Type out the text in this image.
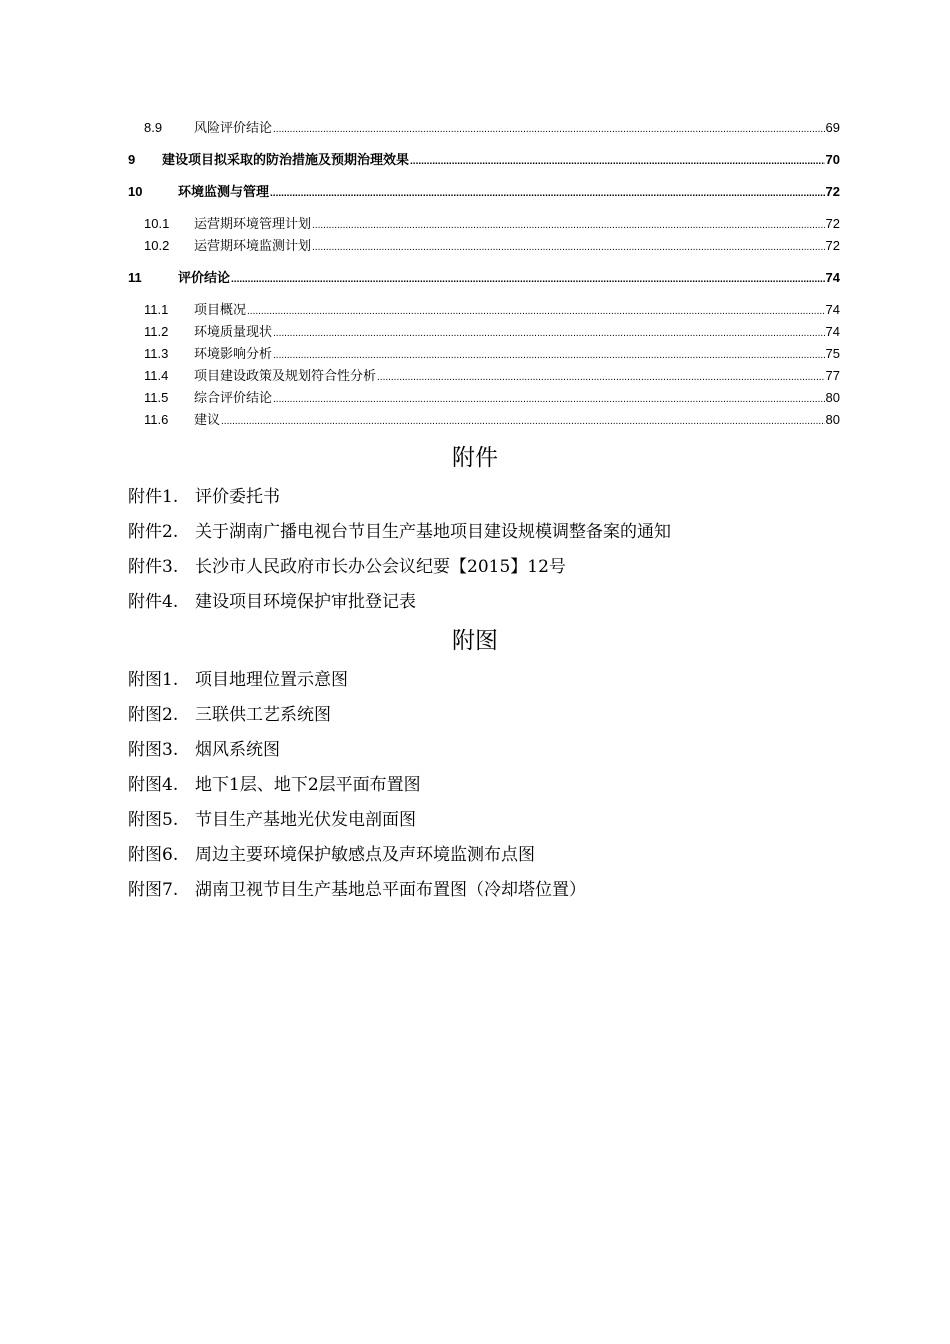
8.9	风险评价结论 .....	69
9	建设项目拟采取的防治措施及预期治理效果 .....	70
10	环境监测与管理 .....	72
10.1	运营期环境管理计划 .....	72
10.2	运营期环境监测计划 .....	72
11	评价结论 .....	74
11.1	项目概况 .....	74
11.2	环境质量现状 .....	74
11.3	环境影响分析 .....	75
11.4	项目建设政策及规划符合性分析 .....	77
11.5	综合评价结论 .....	80
11.6	建议 .....	80
附件
附件1. 评价委托书
附件2. 关于湖南广播电视台节目生产基地项目建设规模调整备案的通知
附件3. 长沙市人民政府市长办公会议纪要【2015】12号
附件4. 建设项目环境保护审批登记表
附图
附图1. 项目地理位置示意图
附图2. 三联供工艺系统图
附图3. 烟风系统图
附图4. 地下1层、地下2层平面布置图
附图5. 节目生产基地光伏发电剖面图
附图6. 周边主要环境保护敏感点及声环境监测布点图
附图7. 湖南卫视节目生产基地总平面布置图（冷却塔位置）
